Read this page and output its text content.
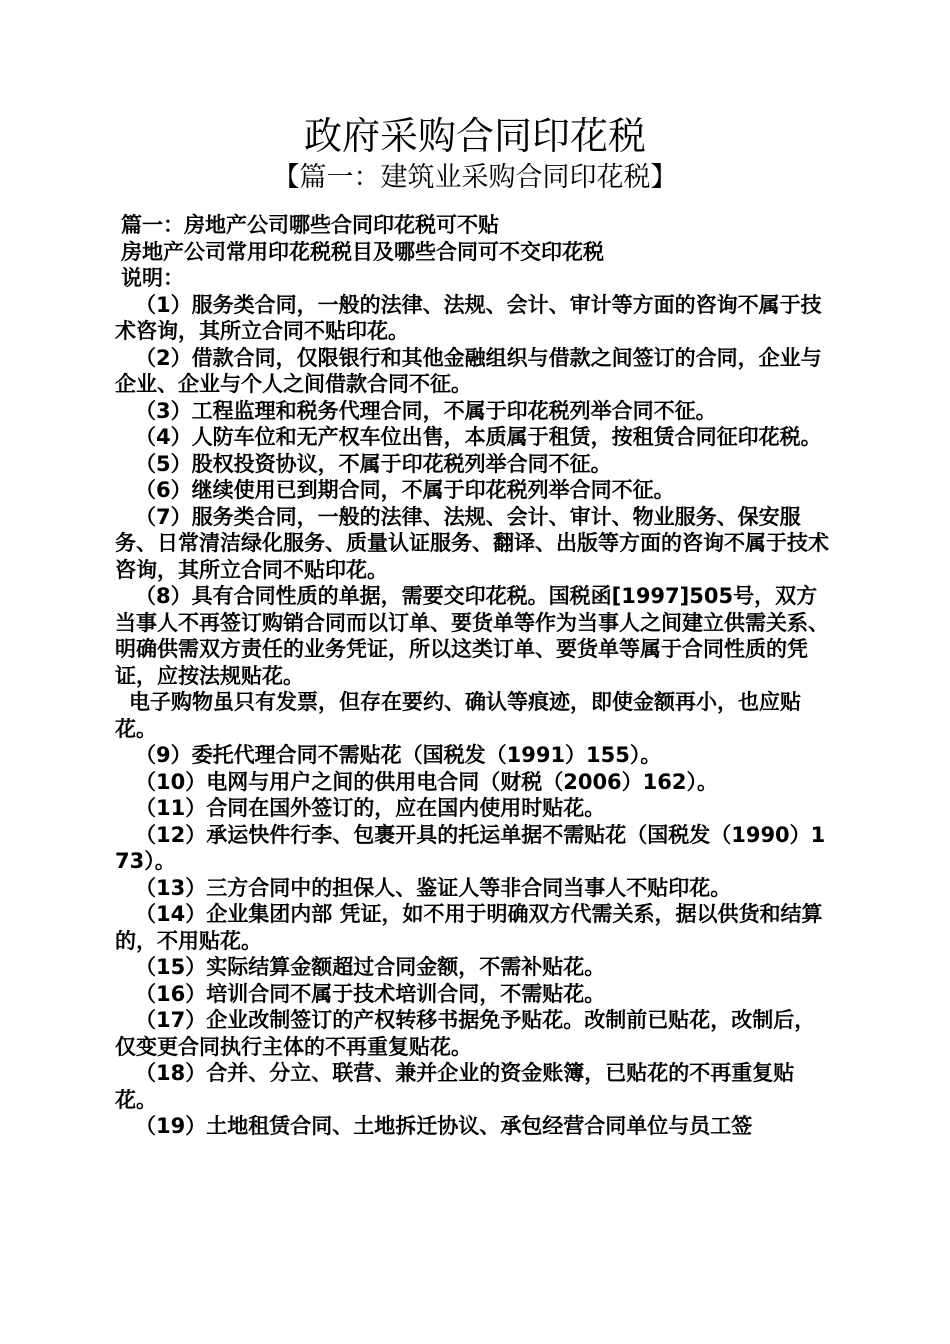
政府采购合同印花税
【篇一：建筑业采购合同印花税】

篇一：房地产公司哪些合同印花税可不贴

房地产公司常用印花税税目及哪些合同可不交印花税

说明：

（1）服务类合同，一般的法律、法规、会计、审计等方面的咨询不属于技术咨询，其所立合同不贴印花。

（2）借款合同，仅限银行和其他金融组织与借款之间签订的合同，企业与企业、企业与个人之间借款合同不征。

（3）工程监理和税务代理合同，不属于印花税列举合同不征。

（4）人防车位和无产权车位出售，本质属于租赁，按租赁合同征印花税。

（5）股权投资协议，不属于印花税列举合同不征。

（6）继续使用已到期合同，不属于印花税列举合同不征。

（7）服务类合同，一般的法律、法规、会计、审计、物业服务、保安服务、日常清洁绿化服务、质量认证服务、翻译、出版等方面的咨询不属于技术咨询，其所立合同不贴印花。

（8）具有合同性质的单据，需要交印花税。国税函[1997]505号，双方当事人不再签订购销合同而以订单、要货单等作为当事人之间建立供需关系、明确供需双方责任的业务凭证，所以这类订单、要货单等属于合同性质的凭证，应按法规贴花。

电子购物虽只有发票，但存在要约、确认等痕迹，即使金额再小，也应贴花。

（9）委托代理合同不需贴花（国税发（1991）155）。

（10）电网与用户之间的供用电合同（财税（2006）162）。

（11）合同在国外签订的，应在国内使用时贴花。

（12）承运快件行李、包裹开具的托运单据不需贴花（国税发（1990）173）。

（13）三方合同中的担保人、鉴证人等非合同当事人不贴印花。

（14）企业集团内部 凭证，如不用于明确双方代需关系，据以供货和结算的，不用贴花。

（15）实际结算金额超过合同金额，不需补贴花。

（16）培训合同不属于技术培训合同，不需贴花。

（17）企业改制签订的产权转移书据免予贴花。改制前已贴花，改制后，仅变更合同执行主体的不再重复贴花。

（18）合并、分立、联营、兼并企业的资金账簿，已贴花的不再重复贴花。

（19）土地租赁合同、土地拆迁协议、承包经营合同单位与员工签
